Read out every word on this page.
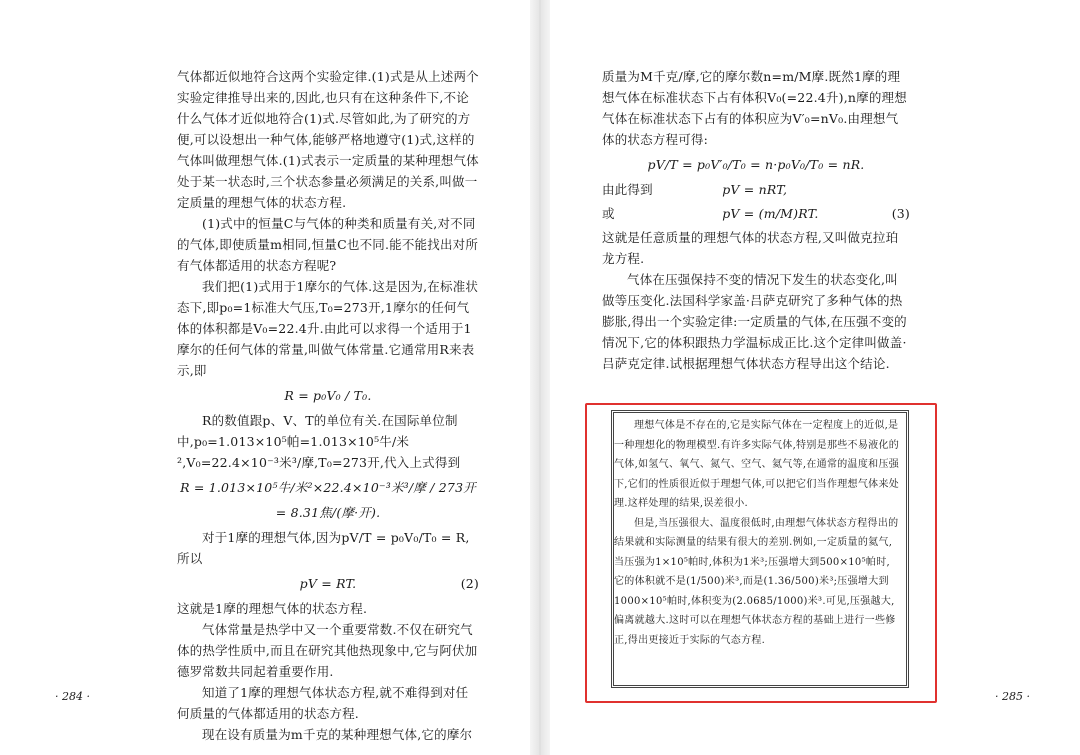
气体都近似地符合这两个实验定律.(1)式是从上述两个实验定律推导出来的,因此,也只有在这种条件下,不论什么气体才近似地符合(1)式.尽管如此,为了研究的方便,可以设想出一种气体,能够严格地遵守(1)式,这样的气体叫做理想气体.(1)式表示一定质量的某种理想气体处于某一状态时,三个状态参量必须满足的关系,叫做一定质量的理想气体的状态方程.

(1)式中的恒量C与气体的种类和质量有关,对不同的气体,即使质量m相同,恒量C也不同.能不能找出对所有气体都适用的状态方程呢?

我们把(1)式用于1摩尔的气体.这是因为,在标准状态下,即p₀=1标准大气压,T₀=273开,1摩尔的任何气体的体积都是V₀=22.4升.由此可以求得一个适用于1摩尔的任何气体的常量,叫做气体常量.它通常用R来表示,即

R = p₀V₀ / T₀.

R的数值跟p、V、T的单位有关.在国际单位制中,p₀=1.013×10⁵帕=1.013×10⁵牛/米²,V₀=22.4×10⁻³米³/摩,T₀=273开,代入上式得到

R = 1.013×10⁵牛/米²×22.4×10⁻³米³/摩 / 273开

= 8.31焦/(摩·开).

对于1摩的理想气体,因为pV/T = p₀V₀/T₀ = R,所以

pV = RT.	(2)

这就是1摩的理想气体的状态方程.

气体常量是热学中又一个重要常数.不仅在研究气体的热学性质中,而且在研究其他热现象中,它与阿伏加德罗常数共同起着重要作用.

知道了1摩的理想气体状态方程,就不难得到对任何质量的气体都适用的状态方程.

现在设有质量为m千克的某种理想气体,它的摩尔

· 284 ·

质量为M千克/摩,它的摩尔数n=m/M摩.既然1摩的理想气体在标准状态下占有体积V₀(=22.4升),n摩的理想气体在标准状态下占有的体积应为V′₀=nV₀.由理想气体的状态方程可得:

pV/T = p₀V′₀/T₀ = n·p₀V₀/T₀ = nR.

由此得到	pV = nRT,
或	pV = (m/M)RT.	(3)

这就是任意质量的理想气体的状态方程,又叫做克拉珀龙方程.

气体在压强保持不变的情况下发生的状态变化,叫做等压变化.法国科学家盖·吕萨克研究了多种气体的热膨胀,得出一个实验定律:一定质量的气体,在压强不变的情况下,它的体积跟热力学温标成正比.这个定律叫做盖·吕萨克定律.试根据理想气体状态方程导出这个结论.

理想气体是不存在的,它是实际气体在一定程度上的近似,是一种理想化的物理模型.有许多实际气体,特别是那些不易液化的气体,如氢气、氧气、氮气、空气、氦气等,在通常的温度和压强下,它们的性质很近似于理想气体,可以把它们当作理想气体来处理.这样处理的结果,误差很小.

但是,当压强很大、温度很低时,由理想气体状态方程得出的结果就和实际测量的结果有很大的差别.例如,一定质量的氦气,当压强为1×10⁵帕时,体积为1米³;压强增大到500×10⁵帕时,它的体积就不是(1/500)米³,而是(1.36/500)米³;压强增大到1000×10⁵帕时,体积变为(2.0685/1000)米³.可见,压强越大,偏离就越大.这时可以在理想气体状态方程的基础上进行一些修正,得出更接近于实际的气态方程.

· 285 ·
